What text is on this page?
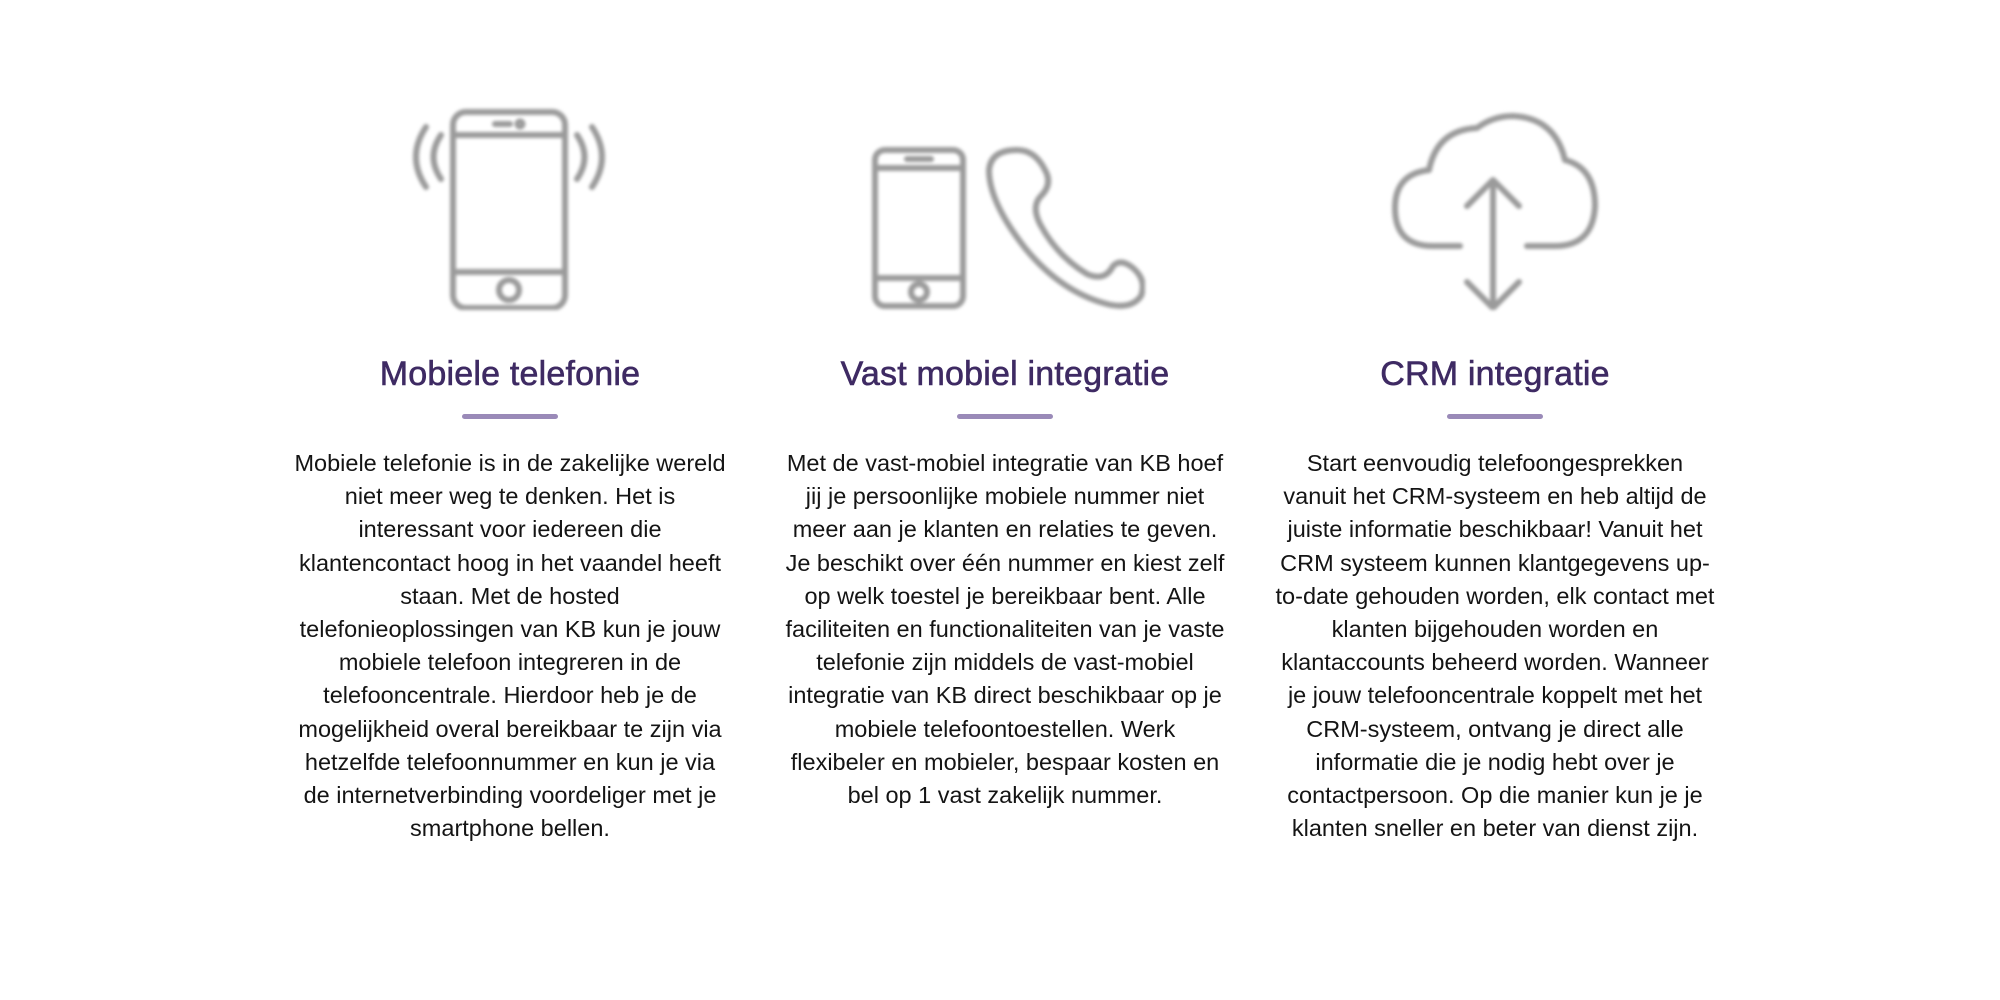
Mobiele telefonie

Mobiele telefonie is in de zakelijke wereld niet meer weg te denken. Het is interessant voor iedereen die klantencontact hoog in het vaandel heeft staan. Met de hosted telefonieoplossingen van KB kun je jouw mobiele telefoon integreren in de telefooncentrale. Hierdoor heb je de mogelijkheid overal bereikbaar te zijn via hetzelfde telefoonnummer en kun je via de internetverbinding voordeliger met je smartphone bellen.

Vast mobiel integratie

Met de vast-mobiel integratie van KB hoef jij je persoonlijke mobiele nummer niet meer aan je klanten en relaties te geven. Je beschikt over één nummer en kiest zelf op welk toestel je bereikbaar bent. Alle faciliteiten en functionaliteiten van je vaste telefonie zijn middels de vast-mobiel integratie van KB direct beschikbaar op je mobiele telefoontoestellen. Werk flexibeler en mobieler, bespaar kosten en bel op 1 vast zakelijk nummer.

CRM integratie

Start eenvoudig telefoongesprekken vanuit het CRM-systeem en heb altijd de juiste informatie beschikbaar! Vanuit het CRM systeem kunnen klantgegevens up-to-date gehouden worden, elk contact met klanten bijgehouden worden en klantaccounts beheerd worden. Wanneer je jouw telefooncentrale koppelt met het CRM-systeem, ontvang je direct alle informatie die je nodig hebt over je contactpersoon. Op die manier kun je je klanten sneller en beter van dienst zijn.
